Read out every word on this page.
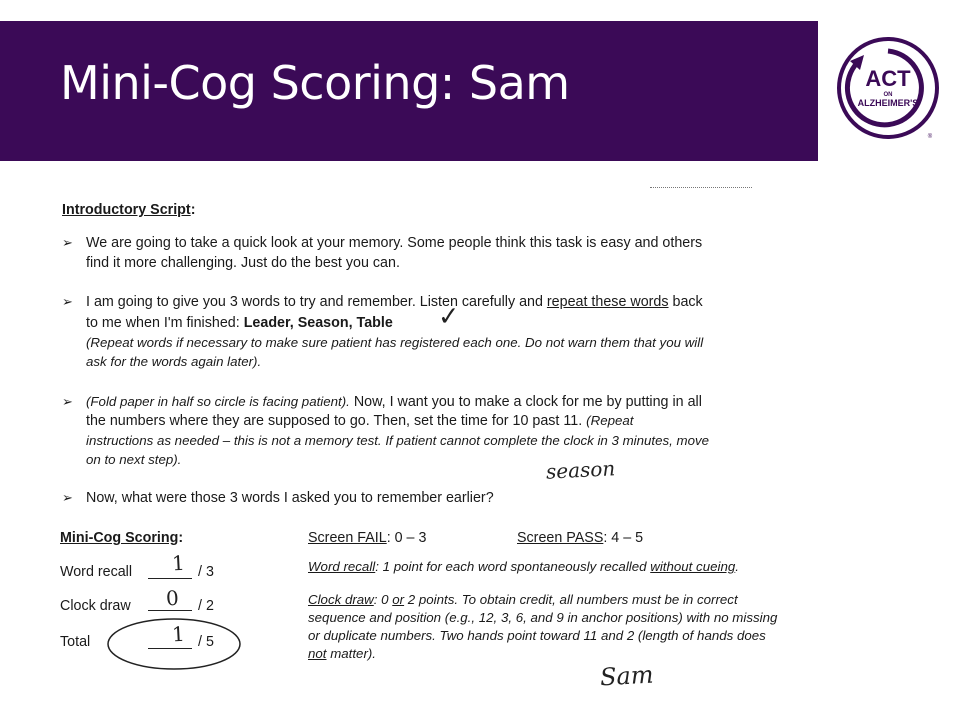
Mini-Cog Scoring: Sam	ACT
ON
ALZHEIMER'S
®
Introductory Script:
➢ We are going to take a quick look at your memory. Some people think this task is easy and others
find it more challenging. Just do the best you can.
➢ I am going to give you 3 words to try and remember. Listen carefully and repeat these words back
to me when I'm finished: Leader, Season, Table ✓
(Repeat words if necessary to make sure patient has registered each one. Do not warn them that you will
ask for the words again later).
➢ (Fold paper in half so circle is facing patient). Now, I want you to make a clock for me by putting in all
the numbers where they are supposed to go. Then, set the time for 10 past 11. (Repeat
instructions as needed – this is not a memory test. If patient cannot complete the clock in 3 minutes, move
on to next step).	season
➢ Now, what were those 3 words I asked you to remember earlier?
Mini-Cog Scoring:
Word recall 1 / 3
Clock draw 0 / 2
Total	1 / 5
Screen FAIL: 0 – 3	Screen PASS: 4 – 5
Word recall: 1 point for each word spontaneously recalled without cueing.
Clock draw: 0 or 2 points. To obtain credit, all numbers must be in correct
sequence and position (e.g., 12, 3, 6, and 9 in anchor positions) with no missing
or duplicate numbers. Two hands point toward 11 and 2 (length of hands does
not matter).
Sam
